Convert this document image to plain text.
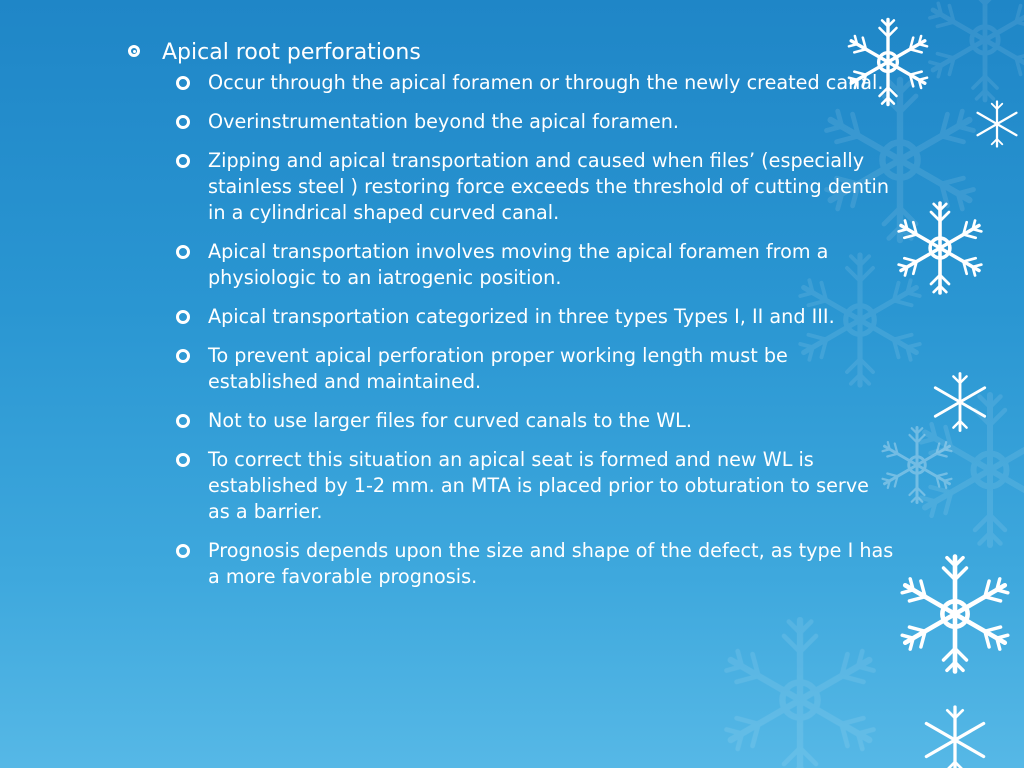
Apical root perforations
Occur through the apical foramen or through the newly created canal.
Overinstrumentation beyond the apical foramen.
Zipping and apical transportation and caused when files’ (especially stainless steel ) restoring force exceeds the threshold of cutting dentin in a cylindrical shaped curved canal.
Apical transportation involves moving the apical foramen from a physiologic to an iatrogenic position.
Apical transportation categorized in three types Types I, II and III.
To prevent apical perforation proper working length must be established and maintained.
Not to use larger files for curved canals to the WL.
To correct this situation an apical seat is formed and new WL is established by 1-2 mm. an MTA is placed prior to obturation to serve as a barrier.
Prognosis depends upon the size and shape of the defect, as type I has a more favorable prognosis.
